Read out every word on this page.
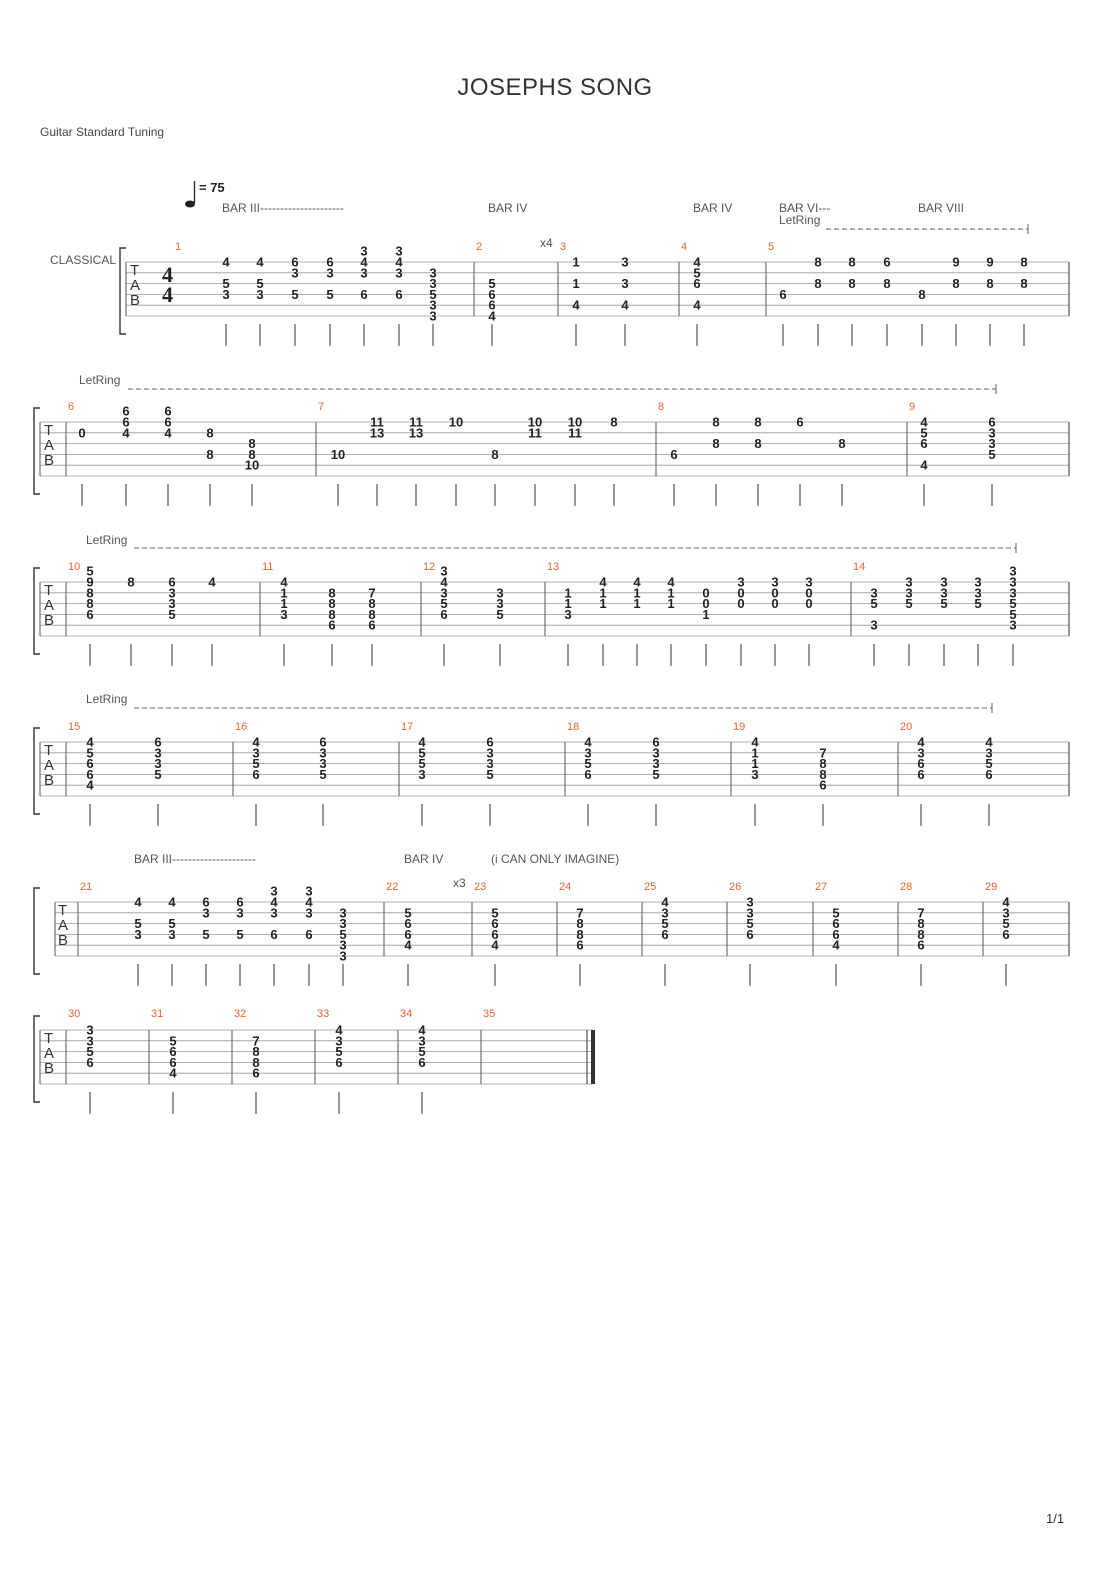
JOSEPHS SONG
Guitar Standard Tuning
1/1
= 75
CLASSICAL
T
A
B
4
4
1	2	3	4	5
BAR III---------------------	BAR IV	BAR IV	BAR VI---	BAR VIII
LetRing
x4
4
5
3
4
5
3
6
3
5
6
3
5
4
3
6
3
4
3
6
3
3
3
5
3
3
5
6
6
4
1
1
4
3
3
4
4
5
6
4
6
8
8
8
8
6
8
8
9
8
9
8
8
8
T
A
B
6	7	8	9
LetRing
0
6
4
6
6
4
6
8
8
8
8
10
10
11
13
11
13
10
8
10
11
10
11
8
6
8
8
8
8
6
8
4
5
6
4
6
3
3
5
T
A
B
10	11	12	13	14
LetRing
9
8
8
6
5
8	6
3
3
5
4	4
1
1
3
8
8
8
6
7
8
8
6
4
3
5
6
3
3
3
5
1
1
3
4
1
1
4
1
1
4
1
1
0
0
1
3
0
0
3
0
0
3
0
0
3
5
3
3
3
5
3
3
5
3
3
5
3
3
5
5
3
3
T
A
B
15	16	17	18	19	20
LetRing
4
5
6
6
4
6
3
3
5
4
3
5
6
6
3
3
5
4
5
5
3
6
3
3
5
4
3
5
6
6
3
3
5
4
1
1
3
7
8
8
6
4
3
6
6
4
3
5
6
T
A
B
21	22	23	24	25	26	27	28	29
BAR III---------------------	BAR IV	(i CAN ONLY IMAGINE)
x3
4
5
3
4
5
3
6
3
5
6
3
5
4
3
6
3
4
3
6
3
3
3
5
3
3
5
6
6
4
5
6
6
4
7
8
8
6
4
3
5
6
3
3
5
6
5
6
6
4
7
8
8
6
4
3
5
6
T
A
B
30	31	32	33	34	35
3
3
5
6
5
6
6
4
7
8
8
6
4
3
5
6
4
3
5
6
